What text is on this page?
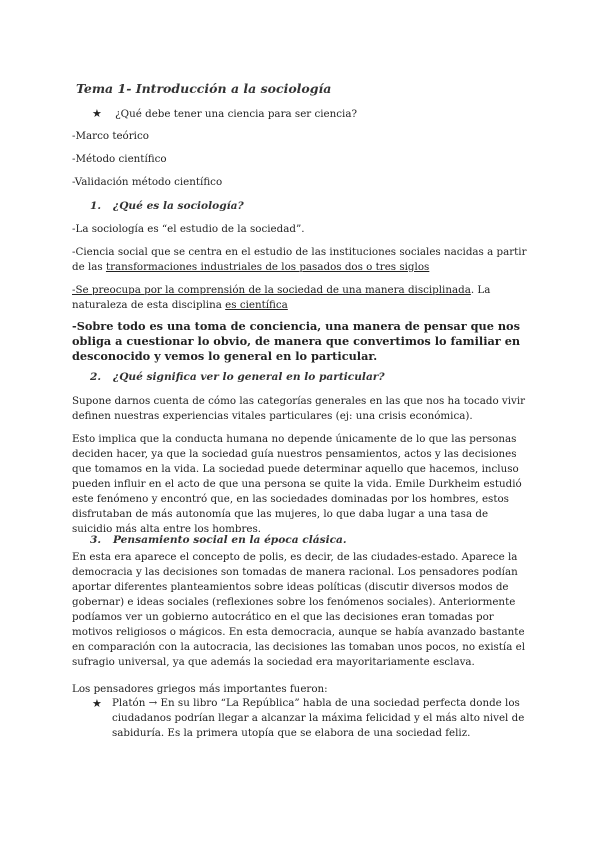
Tema 1- Introducción a la sociología
★ ¿Qué debe tener una ciencia para ser ciencia?
-Marco teórico
-Método científico
-Validación método científico
1. ¿Qué es la sociología?
-La sociología es “el estudio de la sociedad”.
-Ciencia social que se centra en el estudio de las instituciones sociales nacidas a partir de las transformaciones industriales de los pasados dos o tres siglos
-Se preocupa por la comprensión de la sociedad de una manera disciplinada. La naturaleza de esta disciplina es científica
-Sobre todo es una toma de conciencia, una manera de pensar que nos obliga a cuestionar lo obvio, de manera que convertimos lo familiar en desconocido y vemos lo general en lo particular.
2. ¿Qué significa ver lo general en lo particular?
Supone darnos cuenta de cómo las categorías generales en las que nos ha tocado vivir definen nuestras experiencias vitales particulares (ej: una crisis económica).
Esto implica que la conducta humana no depende únicamente de lo que las personas deciden hacer, ya que la sociedad guía nuestros pensamientos, actos y las decisiones que tomamos en la vida. La sociedad puede determinar aquello que hacemos, incluso pueden influir en el acto de que una persona se quite la vida. Emile Durkheim estudió este fenómeno y encontró que, en las sociedades dominadas por los hombres, estos disfrutaban de más autonomía que las mujeres, lo que daba lugar a una tasa de suicidio más alta entre los hombres.
3. Pensamiento social en la época clásica.
En esta era aparece el concepto de polis, es decir, de las ciudades-estado. Aparece la democracia y las decisiones son tomadas de manera racional. Los pensadores podían aportar diferentes planteamientos sobre ideas políticas (discutir diversos modos de gobernar) e ideas sociales (reflexiones sobre los fenómenos sociales). Anteriormente podíamos ver un gobierno autocrático en el que las decisiones eran tomadas por motivos religiosos o mágicos. En esta democracia, aunque se había avanzado bastante en comparación con la autocracia, las decisiones las tomaban unos pocos, no existía el sufragio universal, ya que además la sociedad era mayoritariamente esclava.
Los pensadores griegos más importantes fueron:
★ Platón → En su libro “La República” habla de una sociedad perfecta donde los ciudadanos podrían llegar a alcanzar la máxima felicidad y el más alto nivel de sabiduría. Es la primera utopía que se elabora de una sociedad feliz.
